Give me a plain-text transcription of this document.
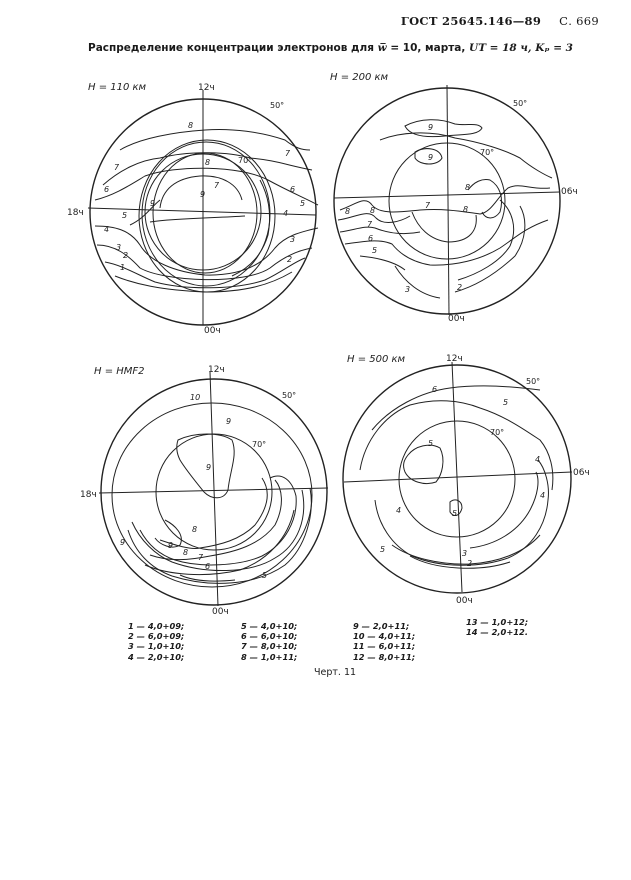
ГОСТ 25645.146—89 С. 669
Распределение концентрации электронов для w̅ = 10, марта, UT = 18 ч, Kₚ = 3
H = 110 км	12ч
00ч
18ч
50°
70°
1
2
3
4
5
6
7
7
8
8
9
9
7	6
5
4
3
2
H = 200 км
00ч
06ч
50°
70°
9
9
8 8
7
6
5
7
8
8
2
3
H = HMF2	12ч
00ч
18ч
50°
70°
10
9
9
8
9
8
7
6
5
9
H = 500 км	12ч
00ч
06ч
50°
70°
6
5
5
4
4	5
4
5	3
2
1 — 4,0+09;
2 — 6,0+09;
3 — 1,0+10;
4 — 2,0+10;
5 — 4,0+10;
6 — 6,0+10;
7 — 8,0+10;
8 — 1,0+11;
9 — 2,0+11;
10 — 4,0+11;
11 — 6,0+11;
12 — 8,0+11;
13 — 1,0+12;
14 — 2,0+12.
Черт. 11
